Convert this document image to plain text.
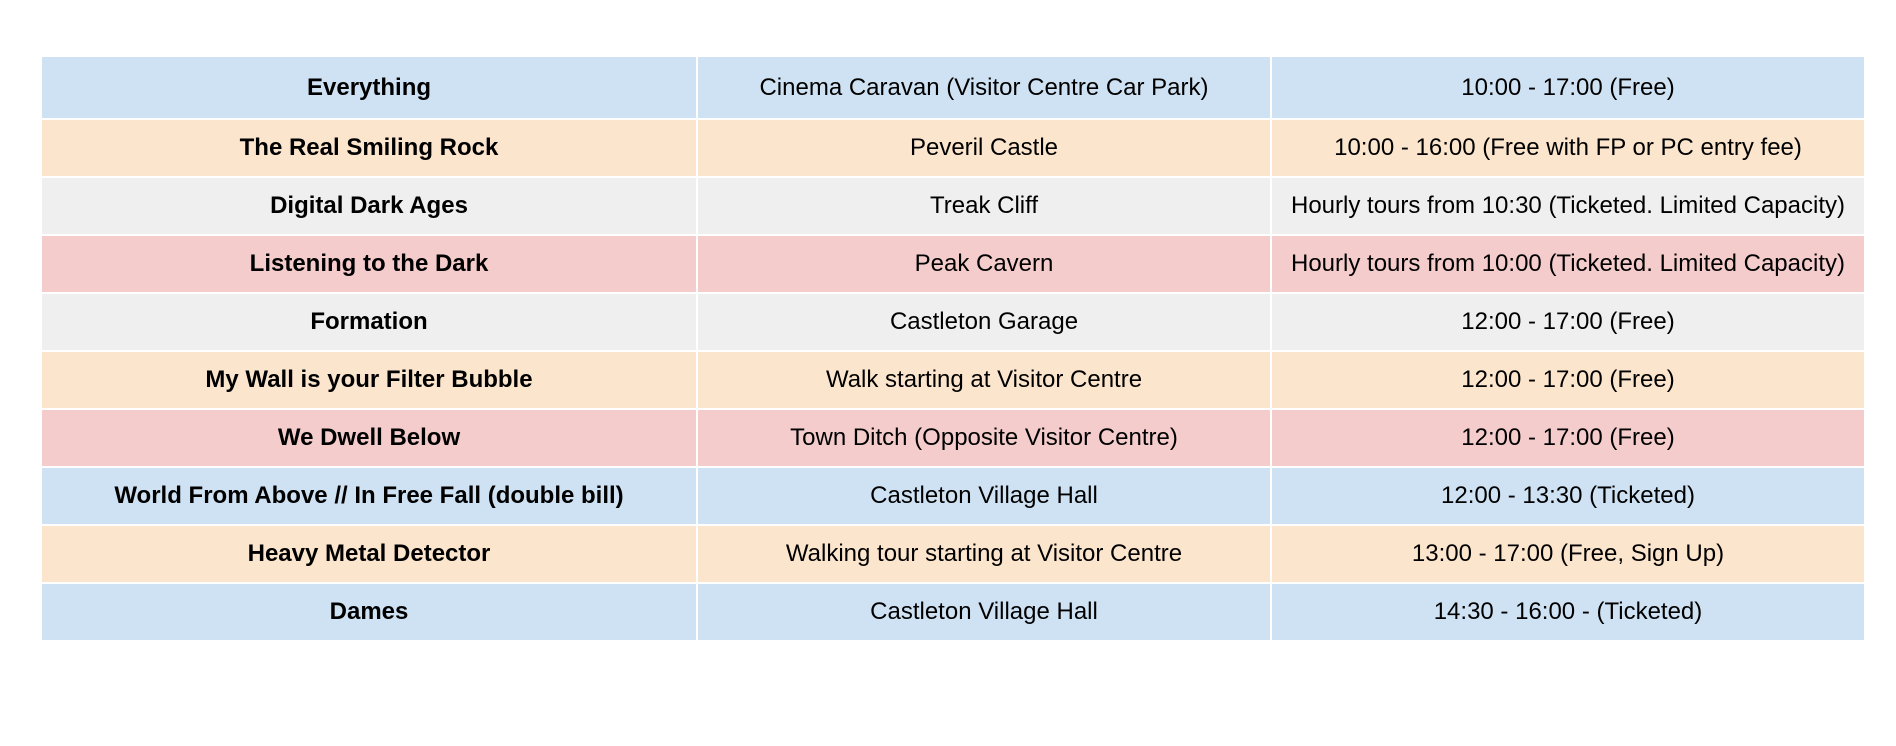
Everything	Cinema Caravan (Visitor Centre Car Park)	10:00 - 17:00 (Free)
The Real Smiling Rock	Peveril Castle	10:00 - 16:00 (Free with FP or PC entry fee)
Digital Dark Ages	Treak Cliff	Hourly tours from 10:30 (Ticketed. Limited Capacity)
Listening to the Dark	Peak Cavern	Hourly tours from 10:00 (Ticketed. Limited Capacity)
Formation	Castleton Garage	12:00 - 17:00 (Free)
My Wall is your Filter Bubble	Walk starting at Visitor Centre	12:00 - 17:00 (Free)
We Dwell Below	Town Ditch (Opposite Visitor Centre)	12:00 - 17:00 (Free)
World From Above // In Free Fall (double bill)	Castleton Village Hall	12:00 - 13:30 (Ticketed)
Heavy Metal Detector	Walking tour starting at Visitor Centre	13:00 - 17:00 (Free, Sign Up)
Dames	Castleton Village Hall	14:30 - 16:00 - (Ticketed)
